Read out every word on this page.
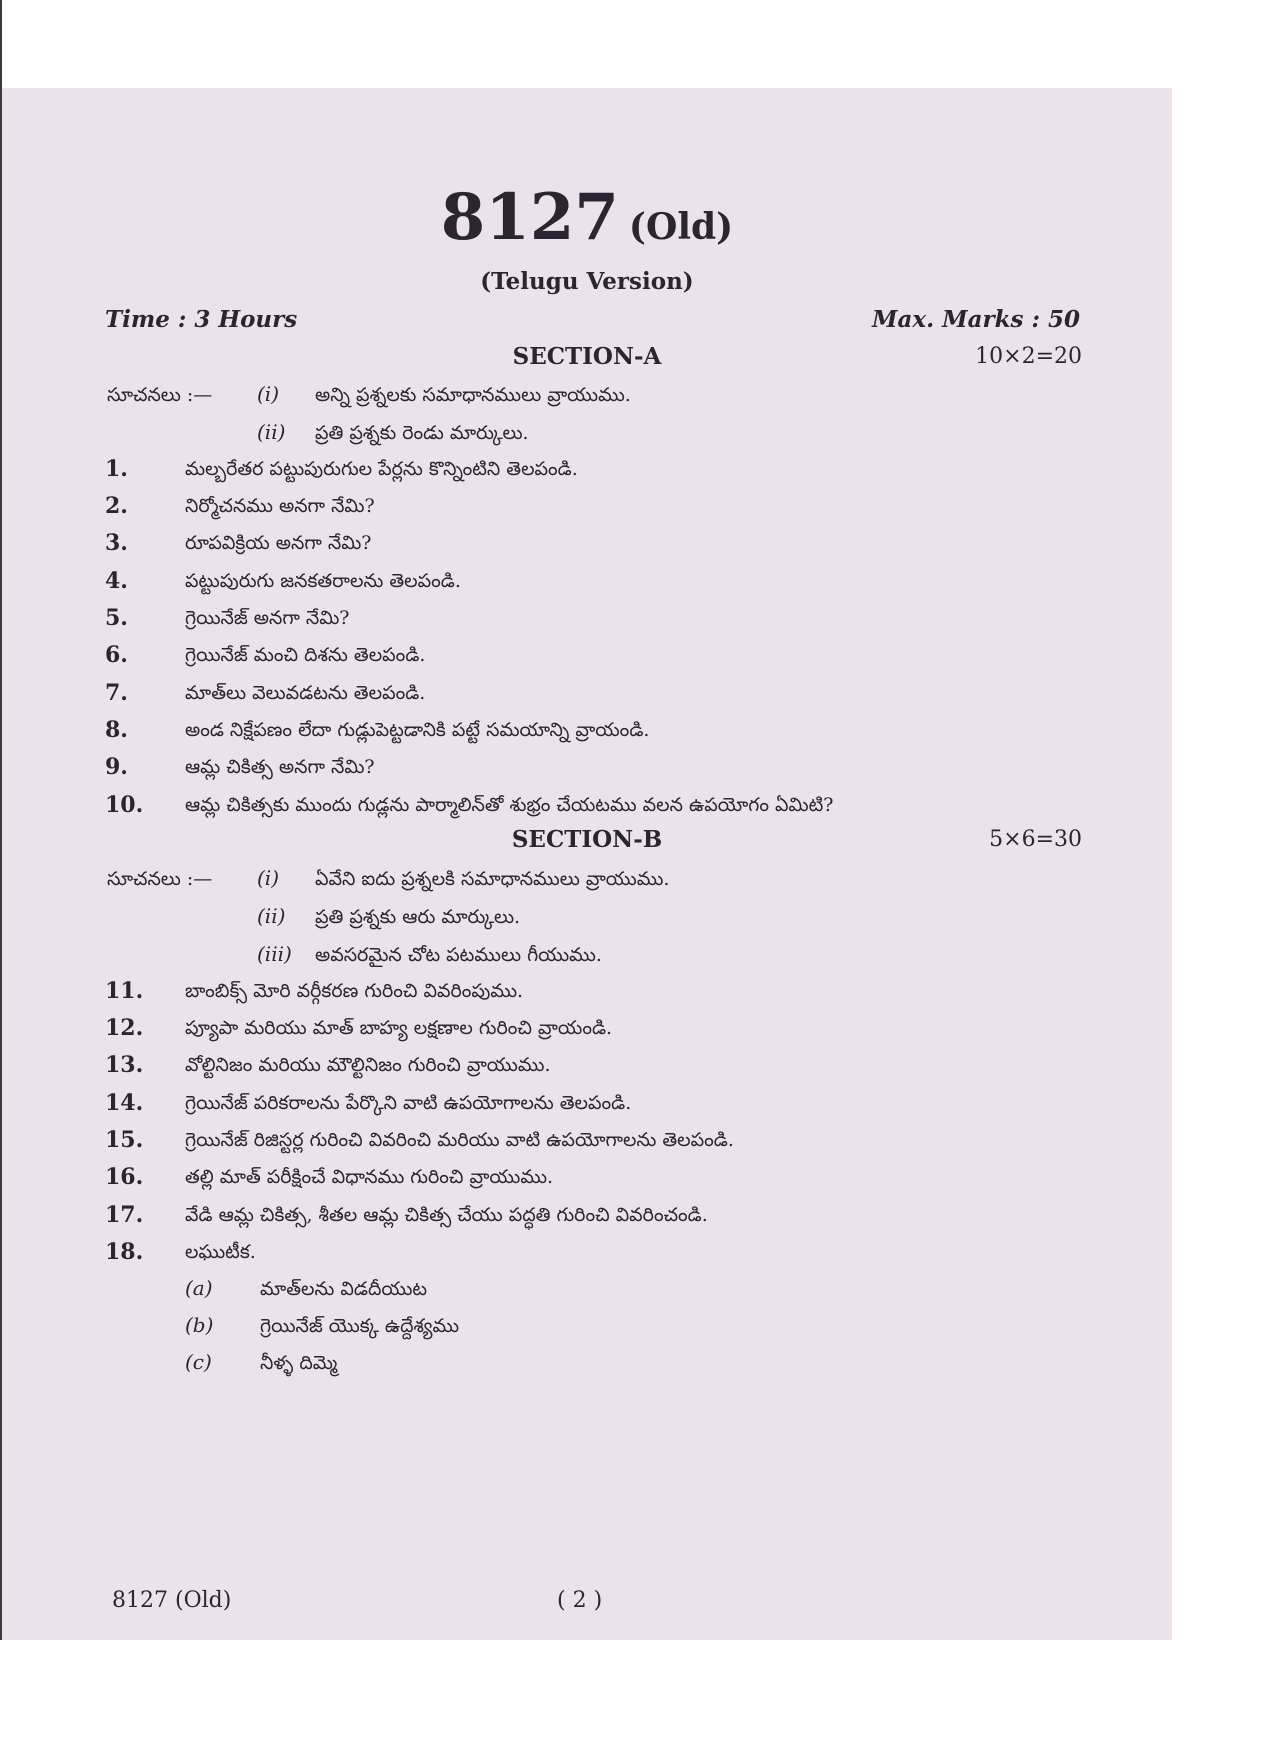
8127 (Old)
(Telugu Version)
Time : 3 Hours	Max. Marks : 50
SECTION-A	10×2=20
సూచనలు :— (i) అన్ని ప్రశ్నలకు సమాధానములు వ్రాయుము.
(ii) ప్రతి ప్రశ్నకు రెండు మార్కులు.
1.	మల్బరేతర పట్టుపురుగుల పేర్లను కొన్నింటిని తెలపండి.
2.	నిర్మోచనము అనగా నేమి?
3.	రూపవిక్రియ అనగా నేమి?
4.	పట్టుపురుగు జనకతరాలను తెలపండి.
5.	గ్రెయినేజ్ అనగా నేమి?
6.	గ్రెయినేజ్ మంచి దిశను తెలపండి.
7.	మాత్‌లు వెలువడటను తెలపండి.
8.	అండ నిక్షేపణం లేదా గుడ్లుపెట్టడానికి పట్టే సమయాన్ని వ్రాయండి.
9.	ఆమ్ల చికిత్స అనగా నేమి?
10. ఆమ్ల చికిత్సకు ముందు గుడ్లను పార్మాలిన్‌తో శుభ్రం చేయటము వలన ఉపయోగం ఏమిటి?
SECTION-B	5×6=30
సూచనలు :— (i) ఏవేని ఐదు ప్రశ్నలకి సమాధానములు వ్రాయుము.
(ii) ప్రతి ప్రశ్నకు ఆరు మార్కులు.
(iii) అవసరమైన చోట పటములు గీయుము.
11. బాంబిక్స్ మోరి వర్గీకరణ గురించి వివరింపుము.
12. ప్యూపా మరియు మాత్ బాహ్య లక్షణాల గురించి వ్రాయండి.
13. వోల్టినిజం మరియు మౌల్టినిజం గురించి వ్రాయుము.
14. గ్రెయినేజ్ పరికరాలను పేర్కొని వాటి ఉపయోగాలను తెలపండి.
15. గ్రెయినేజ్ రిజిస్టర్ల గురించి వివరించి మరియు వాటి ఉపయోగాలను తెలపండి.
16. తల్లి మాత్ పరీక్షించే విధానము గురించి వ్రాయుము.
17. వేడి ఆమ్ల చికిత్స, శీతల ఆమ్ల చికిత్స చేయు పద్ధతి గురించి వివరించండి.
18. లఘుటీక.
(a) మాత్‌లను విడదీయుట
(b) గ్రెయినేజ్ యొక్క ఉద్దేశ్యము
(c)	నీళ్ళ దిమ్మె
8127 (Old)	( 2 )
